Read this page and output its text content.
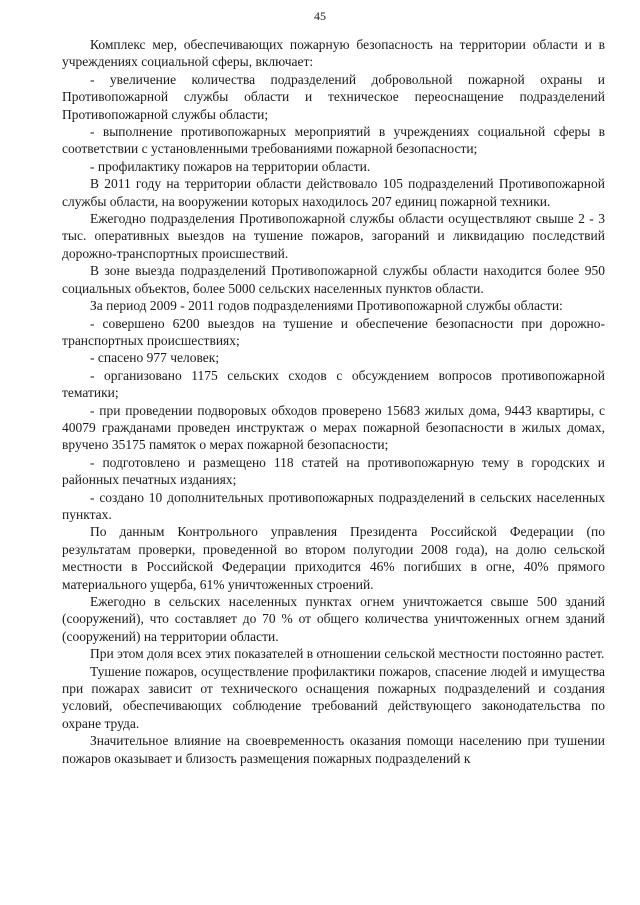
45

Комплекс мер, обеспечивающих пожарную безопасность на территории области и в учреждениях социальной сферы, включает:

- увеличение количества подразделений добровольной пожарной охраны и Противопожарной службы области и техническое переоснащение подразделений Противопожарной службы области;

- выполнение противопожарных мероприятий в учреждениях социальной сферы в соответствии с установленными требованиями пожарной безопасности;

- профилактику пожаров на территории области.

В 2011 году на территории области действовало 105 подразделений Противопожарной службы области, на вооружении которых находилось 207 единиц пожарной техники.

Ежегодно подразделения Противопожарной службы области осуществляют свыше 2 - 3 тыс. оперативных выездов на тушение пожаров, загораний и ликвидацию последствий дорожно-транспортных происшествий.

В зоне выезда подразделений Противопожарной службы области находится более 950 социальных объектов, более 5000 сельских населенных пунктов области.

За период 2009 - 2011 годов подразделениями Противопожарной службы области:

- совершено 6200 выездов на тушение и обеспечение безопасности при дорожно-транспортных происшествиях;

- спасено 977 человек;

- организовано 1175 сельских сходов с обсуждением вопросов противопожарной тематики;

- при проведении подворовых обходов проверено 15683 жилых дома, 9443 квартиры, с 40079 гражданами проведен инструктаж о мерах пожарной безопасности в жилых домах, вручено 35175 памяток о мерах пожарной безопасности;

- подготовлено и размещено 118 статей на противопожарную тему в городских и районных печатных изданиях;

- создано 10 дополнительных противопожарных подразделений в сельских населенных пунктах.

По данным Контрольного управления Президента Российской Федерации (по результатам проверки, проведенной во втором полугодии 2008 года), на долю сельской местности в Российской Федерации приходится 46% погибших в огне, 40% прямого материального ущерба, 61% уничтоженных строений.

Ежегодно в сельских населенных пунктах огнем уничтожается свыше 500 зданий (сооружений), что составляет до 70 % от общего количества уничтоженных огнем зданий (сооружений) на территории области.

При этом доля всех этих показателей в отношении сельской местности постоянно растет.

Тушение пожаров, осуществление профилактики пожаров, спасение людей и имущества при пожарах зависит от технического оснащения пожарных подразделений и создания условий, обеспечивающих соблюдение требований действующего законодательства по охране труда.

Значительное влияние на своевременность оказания помощи населению при тушении пожаров оказывает и близость размещения пожарных подразделений к
